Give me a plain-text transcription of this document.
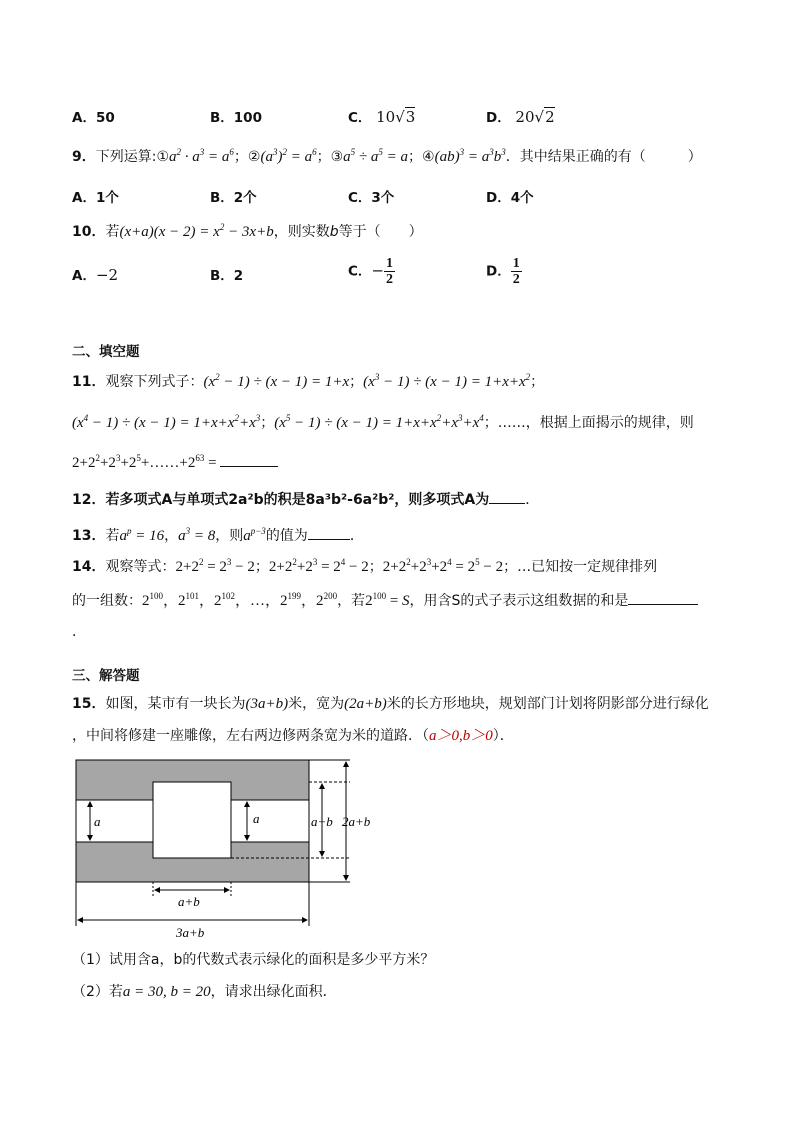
A．50	B．100	C． 10√3	D． 20√2
9．下列运算$:①a^2 \cdot a^3 = a^6$；$②(a^3)^2 = a^6$；$③a^5 \div a^5 = a$；④(ab)$^3$ = $a^3b^3$．其中结果正确的有（　　　）
A．1个	B．2个	C．3个	D．4个
10．若$(x+a)(x - 2) = x^2 - 3x+b$，则实数b等于（　　）
A．−2	B．2	C．− $\frac{1}{2}$	D． $\frac{1}{2}$
二、填空题
11．观察下列式子：$(x^2 - 1) \div (x - 1) = 1+x$；$(x^3 - 1) \div (x - 1) = 1+x+x^2$；
$(x^4 - 1) \div (x - 1) = 1+x+x^2+x^3$；$(x^5 - 1) \div (x - 1) = 1+x+x^2+x^3+x^4$；……，根据上面揭示的规律，则
$2+2^2+2^3+2^5+\dots\dots+2^{63}$ =
12．若多项式A与单项式2a²b的积是8a³b²-6a²b²，则多项式A为	．
13．若$a^p = 16$，$a^3 = 8$，则$a^{p-3}$的值为	．
14．观察等式：$2+2^2 = 2^3 - 2$；$2+2^2+2^3 = 2^4 - 2$；$2+2^2+2^3+2^4 = 2^5 - 2$；…已知按一定规律排列
的一组数：$2^{100}$，$2^{101}$，$2^{102}$，…，$2^{199}$，$2^{200}$，若$2^{100} = S$，用含S的式子表示这组数据的和是
．
三、解答题
15．如图，某市有一块长为(3a+b)米，宽为(2a+b)米的长方形地块，规划部门计划将阴影部分进行绿化
，中间将修建一座雕像，左右两边修两条宽为米的道路．（a＞0,b＞0）．
a	a	a+b 2a+b
a+b
3a+b
（1）试用含a，b的代数式表示绿化的面积是多少平方米？
（2）若a = 30, b = 20，请求出绿化面积．
